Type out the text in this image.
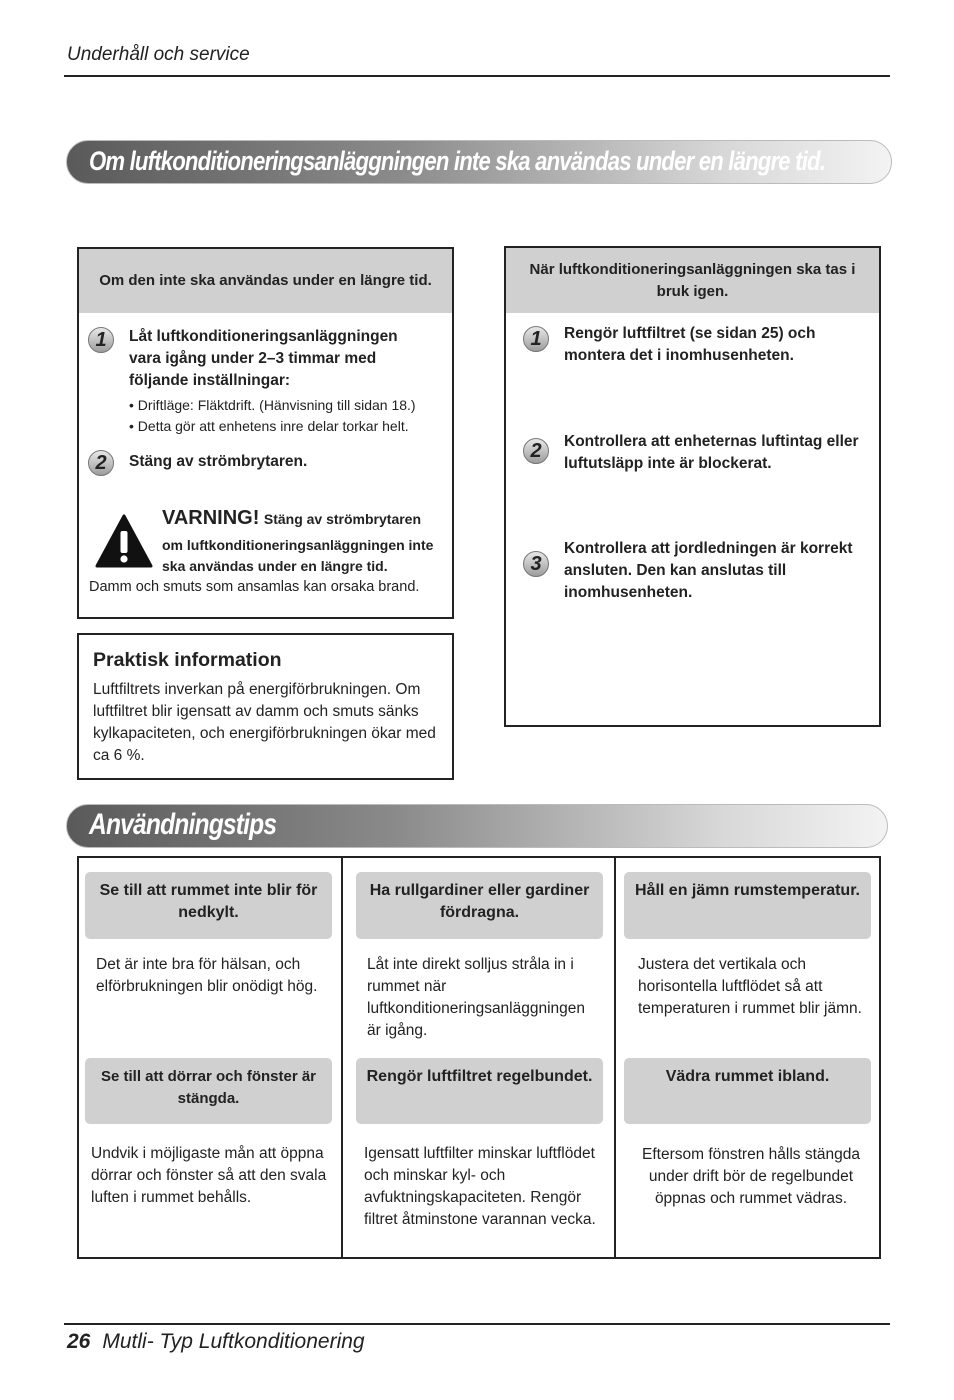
Underhåll och service
Om luftkonditioneringsanläggningen inte ska användas under en längre tid.
Om den inte ska användas under en längre tid.
1	Låt luftkonditioneringsanläggningen vara igång under 2–3 timmar med följande inställningar:
• Driftläge: Fläktdrift. (Hänvisning till sidan 18.)
• Detta gör att enhetens inre delar torkar helt.
2	Stäng av strömbrytaren.
VARNING! Stäng av strömbrytaren
om luftkonditioneringsanläggningen inte
ska användas under en längre tid.
Damm och smuts som ansamlas kan orsaka brand.
Praktisk information
Luftfiltrets inverkan på energiförbrukningen. Om luftfiltret blir igensatt av damm och smuts sänks kylkapaciteten, och energiförbrukningen ökar med ca 6 %.
När luftkonditioneringsanläggningen ska tas i bruk igen.
1	Rengör luftfiltret (se sidan 25) och montera det i inomhusenheten.
2	Kontrollera att enheternas luftintag eller luftutsläpp inte är blockerat.
3
Kontrollera att jordledningen är korrekt ansluten. Den kan anslutas till inomhusenheten.
Användningstips
Se till att rummet inte blir för nedkylt.
Det är inte bra för hälsan, och elförbrukningen blir onödigt hög.
Ha rullgardiner eller gardiner fördragna.
Låt inte direkt solljus stråla in i rummet när luftkonditioneringsanläggningen är igång.
Håll en jämn rumstemperatur.
Justera det vertikala och horisontella luftflödet så att temperaturen i rummet blir jämn.
Se till att dörrar och fönster är stängda.
Undvik i möjligaste mån att öppna dörrar och fönster så att den svala luften i rummet behålls.
Rengör luftfiltret regelbundet.
Igensatt luftfilter minskar luftflödet och minskar kyl- och avfuktningskapaciteten. Rengör filtret åtminstone varannan vecka.
Vädra rummet ibland.
Eftersom fönstren hålls stängda under drift bör de regelbundet öppnas och rummet vädras.
26 Mutli- Typ Luftkonditionering
